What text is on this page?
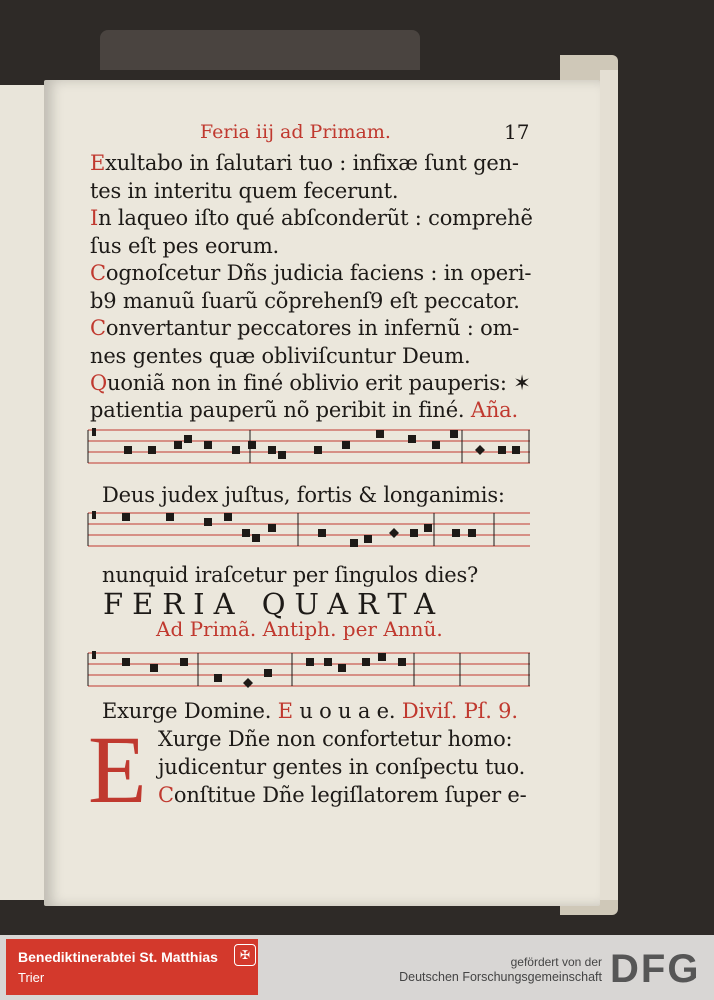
Feria iij ad Primam.	17
Exultabo in ſalutari tuo : infixæ ſunt gen-
tes in interitu quem fecerunt.
In laqueo iſto qué abſconderũt : comprehẽ
ſus eſt pes eorum.
Cognoſcetur Dñs judicia faciens : in operi-
b9 manuũ ſuarũ cõprehenſ9 eſt peccator.
Convertantur peccatores in infernũ : om-
nes gentes quæ obliviſcuntur Deum.
Quoniã non in finé oblivio erit pauperis: ✶
patientia pauperũ nõ peribit in finé. Aña.
Deus judex juſtus, fortis & longanimis:
nunquid iraſcetur per ſingulos dies?
FERIA QUARTA
Ad Primã. Antiph. per Annũ.
Exurge Domine. E u o u a e. Diviſ. Pſ. 9.
E Xurge Dñe non confortetur homo:
judicentur gentes in conſpectu tuo.
Conſtitue Dñe legiſlatorem ſuper e-
Benediktinerabtei St. Matthias
Trier
✠	gefördert von der
Deutschen Forschungsgemeinschaft DFG
